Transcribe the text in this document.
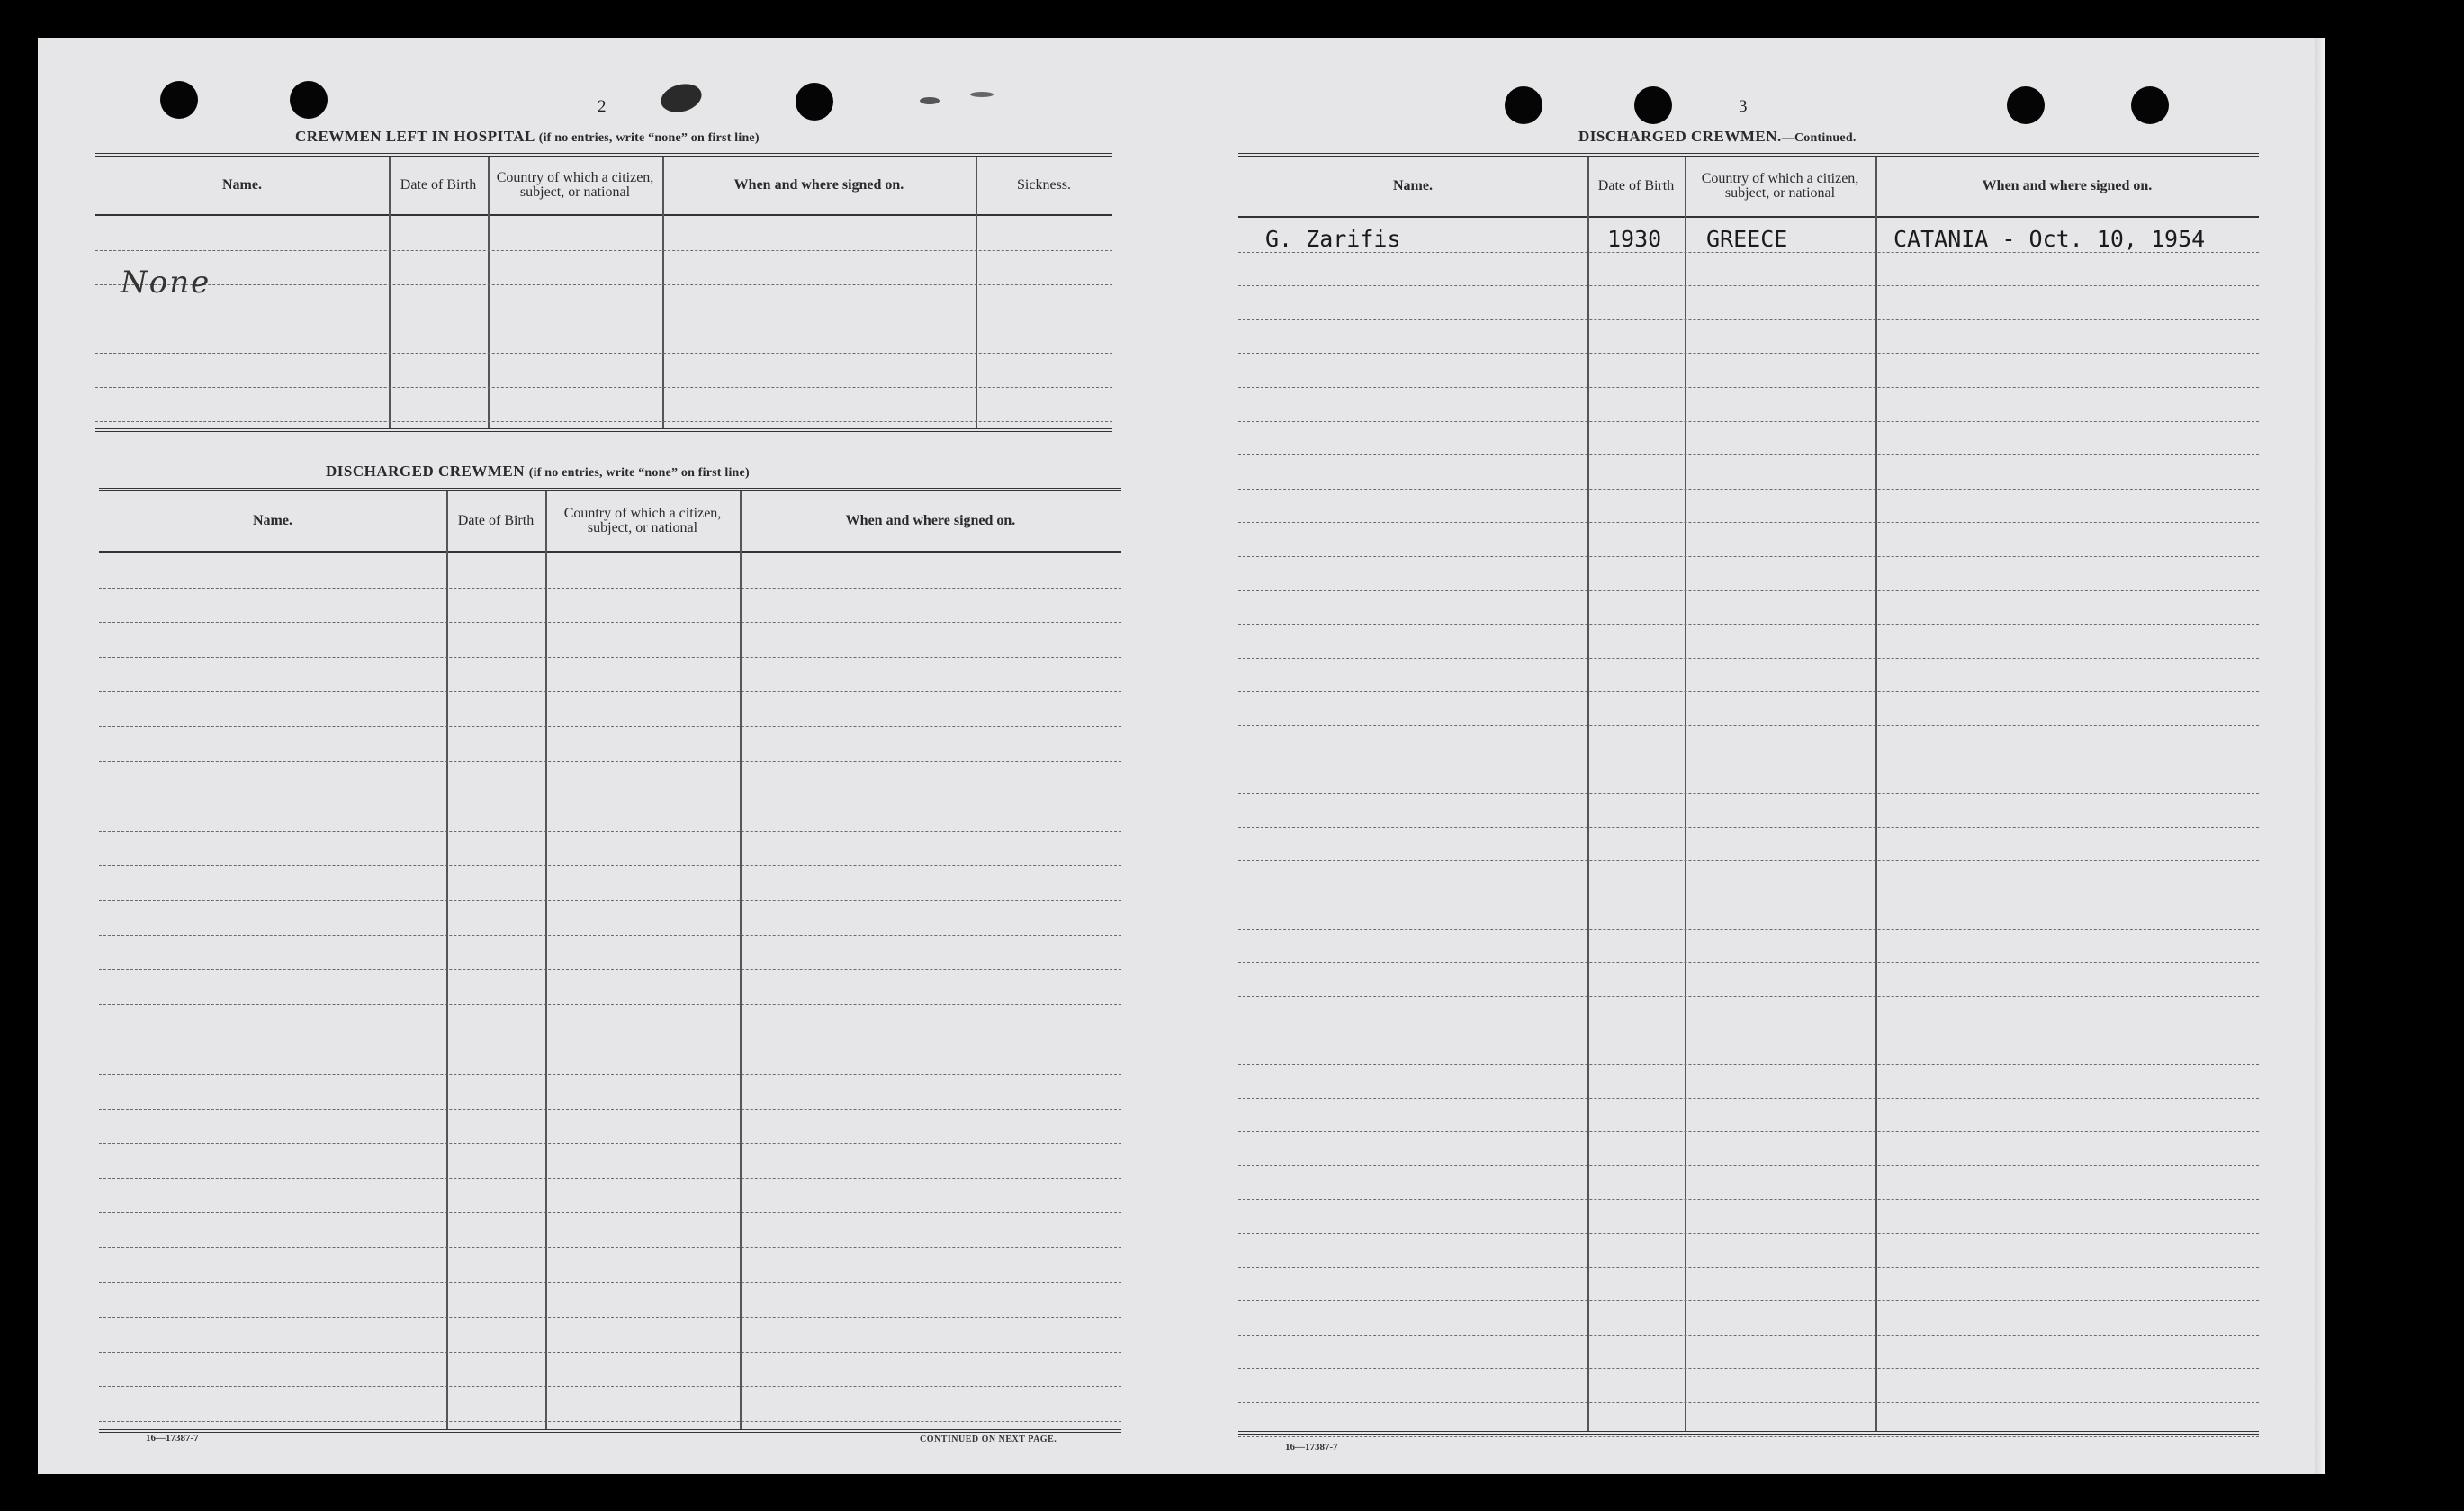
2
CREWMEN LEFT IN HOSPITAL (if no entries, write “none” on first line)
Name.	Date of Birth	Country of which a citizen, subject, or national	When and where signed on.	Sickness.
None
DISCHARGED CREWMEN (if no entries, write “none” on first line)
Name.	Date of Birth	Country of which a citizen, subject, or national	When and where signed on.
16—17387-7	CONTINUED ON NEXT PAGE.
3
DISCHARGED CREWMEN.—Continued.
Name.	Date of Birth	Country of which a citizen, subject, or national	When and where signed on.
G. Zarifis	1930 GREECE	CATANIA - Oct. 10, 1954
16—17387-7
